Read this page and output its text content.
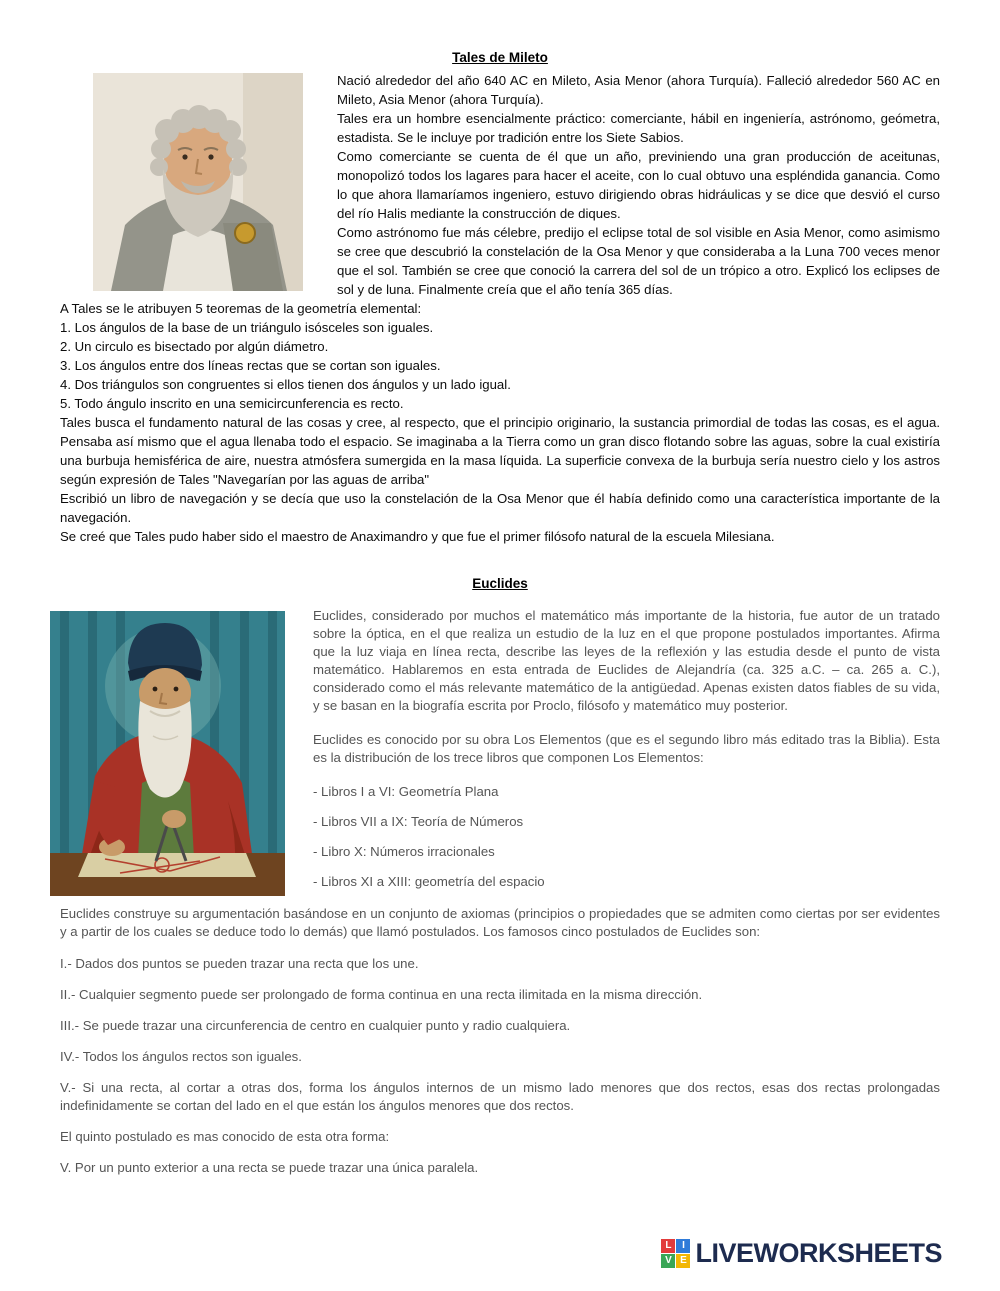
Tales de Mileto

Nació alrededor del año 640 AC en Mileto, Asia Menor (ahora Turquía). Falleció alrededor 560 AC en Mileto, Asia Menor (ahora Turquía).

Tales era un hombre esencialmente práctico: comerciante, hábil en ingeniería, astrónomo, geómetra, estadista. Se le incluye por tradición entre los Siete Sabios.

Como comerciante se cuenta de él que un año, previniendo una gran producción de aceitunas, monopolizó todos los lagares para hacer el aceite, con lo cual obtuvo una espléndida ganancia. Como lo que ahora llamaríamos ingeniero, estuvo dirigiendo obras hidráulicas y se dice que desvió el curso del río Halis mediante la construcción de diques.

Como astrónomo fue más célebre, predijo el eclipse total de sol visible en Asia Menor, como asimismo se cree que descubrió la constelación de la Osa Menor y que consideraba a la Luna 700 veces menor que el sol. También se cree que conoció la carrera del sol de un trópico a otro. Explicó los eclipses de sol y de luna. Finalmente creía que el año tenía 365 días.

A Tales se le atribuyen 5 teoremas de la geometría elemental:

1. Los ángulos de la base de un triángulo isósceles son iguales.

2. Un circulo es bisectado por algún diámetro.

3. Los ángulos entre dos líneas rectas que se cortan son iguales.

4. Dos triángulos son congruentes si ellos tienen dos ángulos y un lado igual.

5. Todo ángulo inscrito en una semicircunferencia es recto.

Tales busca el fundamento natural de las cosas y cree, al respecto, que el principio originario, la sustancia primordial de todas las cosas, es el agua. Pensaba así mismo que el agua llenaba todo el espacio. Se imaginaba a la Tierra como un gran disco flotando sobre las aguas, sobre la cual existiría una burbuja hemisférica de aire, nuestra atmósfera sumergida en la masa líquida. La superficie convexa de la burbuja sería nuestro cielo y los astros según expresión de Tales "Navegarían por las aguas de arriba"

Escribió un libro de navegación y se decía que uso la constelación de la Osa Menor que él había definido como una característica importante de la navegación.

Se creé que Tales pudo haber sido el maestro de Anaximandro y que fue el primer filósofo natural de la escuela Milesiana.

Euclides

Euclides, considerado por muchos el matemático más importante de la historia, fue autor de un tratado sobre la óptica, en el que realiza un estudio de la luz en el que propone postulados importantes. Afirma que la luz viaja en línea recta, describe las leyes de la reflexión y las estudia desde el punto de vista matemático. Hablaremos en esta entrada de Euclides de Alejandría (ca. 325 a.C. – ca. 265 a. C.), considerado como el más relevante matemático de la antigüedad. Apenas existen datos fiables de su vida, y se basan en la biografía escrita por Proclo, filósofo y matemático muy posterior.

Euclides es conocido por su obra Los Elementos (que es el segundo libro más editado tras la Biblia). Esta es la distribución de los trece libros que componen Los Elementos:

- Libros I a VI: Geometría Plana

- Libros VII a IX: Teoría de Números

- Libro X: Números irracionales

- Libros XI a XIII: geometría del espacio

Euclides construye su argumentación basándose en un conjunto de axiomas (principios o propiedades que se admiten como ciertas por ser evidentes y a partir de los cuales se deduce todo lo demás) que llamó postulados. Los famosos cinco postulados de Euclides son:

I.- Dados dos puntos se pueden trazar una recta que los une.

II.- Cualquier segmento puede ser prolongado de forma continua en una recta ilimitada en la misma dirección.

III.- Se puede trazar una circunferencia de centro en cualquier punto y radio cualquiera.

IV.- Todos los ángulos rectos son iguales.

V.- Si una recta, al cortar a otras dos, forma los ángulos internos de un mismo lado menores que dos rectos, esas dos rectas prolongadas indefinidamente se cortan del lado en el que están los ángulos menores que dos rectos.

El quinto postulado es mas conocido de esta otra forma:

V. Por un punto exterior a una recta se puede trazar una única paralela.

L	I
V E LIVEWORKSHEETS
